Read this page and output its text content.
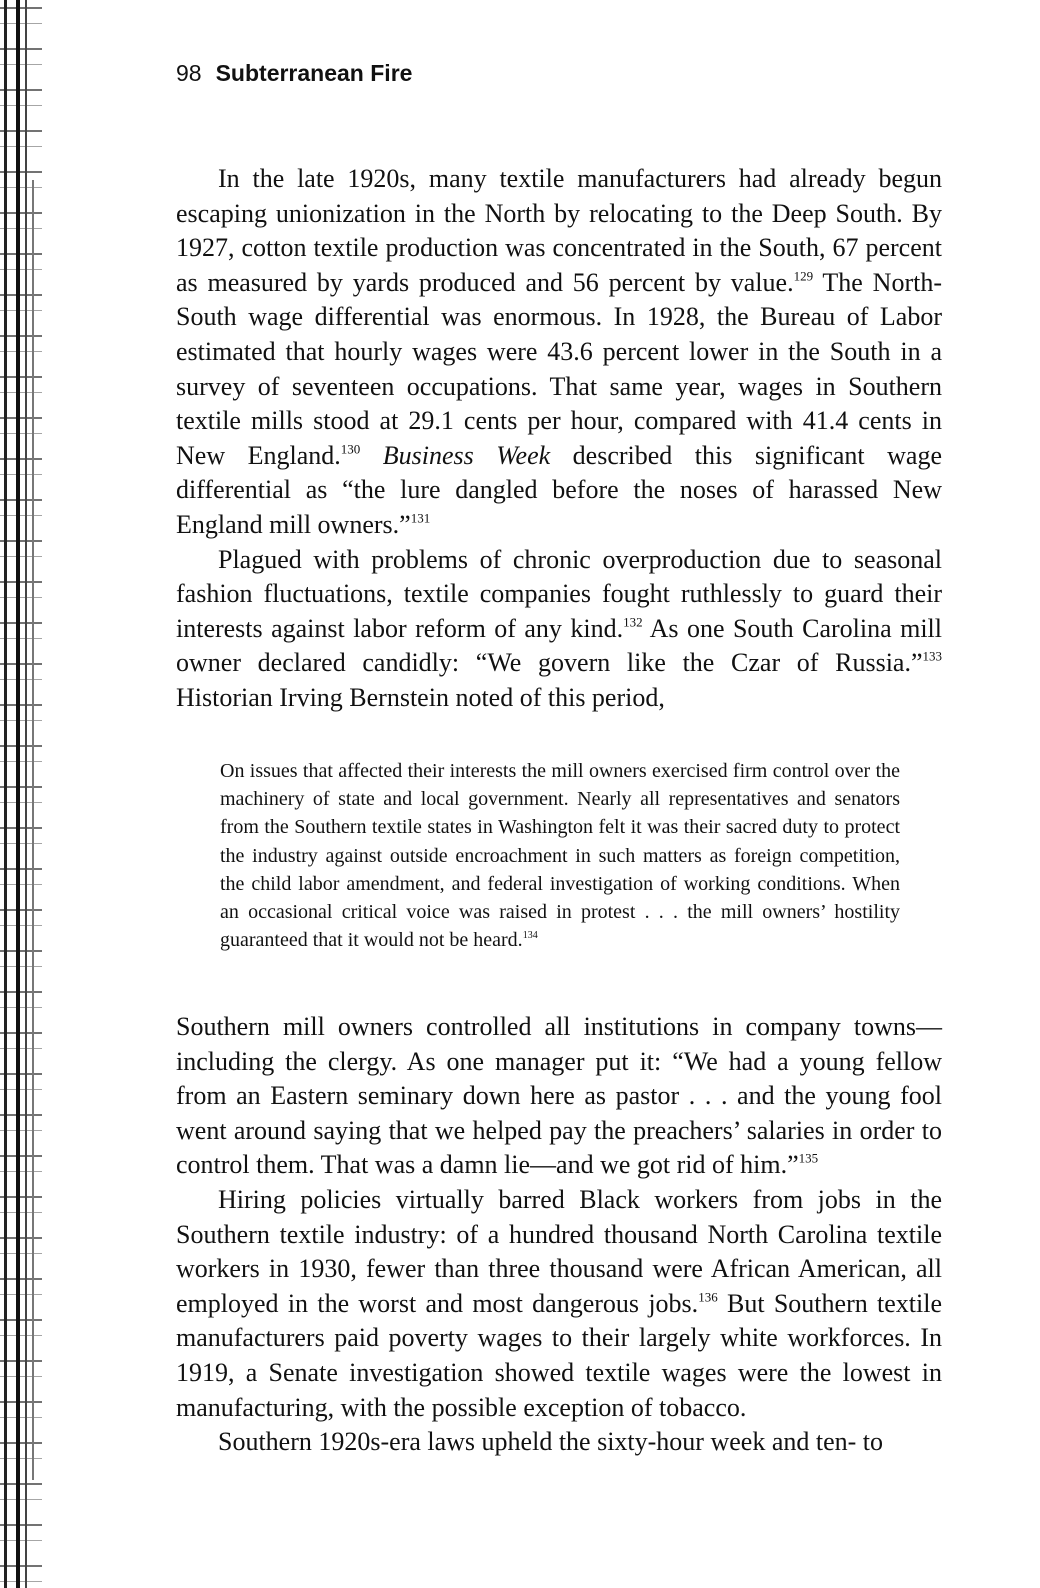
98 Subterranean Fire

In the late 1920s, many textile manufacturers had already begun escaping unionization in the North by relocating to the Deep South. By 1927, cotton textile production was concentrated in the South, 67 percent as measured by yards produced and 56 percent by value.$^{129}$ The North-South wage differential was enormous. In 1928, the Bureau of Labor estimated that hourly wages were 43.6 percent lower in the South in a survey of seventeen occupations. That same year, wages in Southern textile mills stood at 29.1 cents per hour, compared with 41.4 cents in New England.$^{130}$ Business Week described this significant wage differential as “the lure dangled before the noses of harassed New England mill owners.”$^{131}$

Plagued with problems of chronic overproduction due to seasonal fashion fluctuations, textile companies fought ruthlessly to guard their interests against labor reform of any kind.$^{132}$ As one South Carolina mill owner declared candidly: “We govern like the Czar of Russia.”$^{133}$ Historian Irving Bernstein noted of this period,

On issues that affected their interests the mill owners exercised firm control over the machinery of state and local government. Nearly all representatives and senators from the Southern textile states in Washington felt it was their sacred duty to protect the industry against outside encroachment in such matters as foreign competition, the child labor amendment, and federal investigation of working conditions. When an occasional critical voice was raised in protest . . . the mill owners’ hostility guaranteed that it would not be heard.$^{134}$

Southern mill owners controlled all institutions in company towns—including the clergy. As one manager put it: “We had a young fellow from an Eastern seminary down here as pastor . . . and the young fool went around saying that we helped pay the preachers’ salaries in order to control them. That was a damn lie—and we got rid of him.”$^{135}$

Hiring policies virtually barred Black workers from jobs in the Southern textile industry: of a hundred thousand North Carolina textile workers in 1930, fewer than three thousand were African American, all employed in the worst and most dangerous jobs.$^{136}$ But Southern textile manufacturers paid poverty wages to their largely white workforces. In 1919, a Senate investigation showed textile wages were the lowest in manufacturing, with the possible exception of tobacco.

Southern 1920s-era laws upheld the sixty-hour week and ten- to
